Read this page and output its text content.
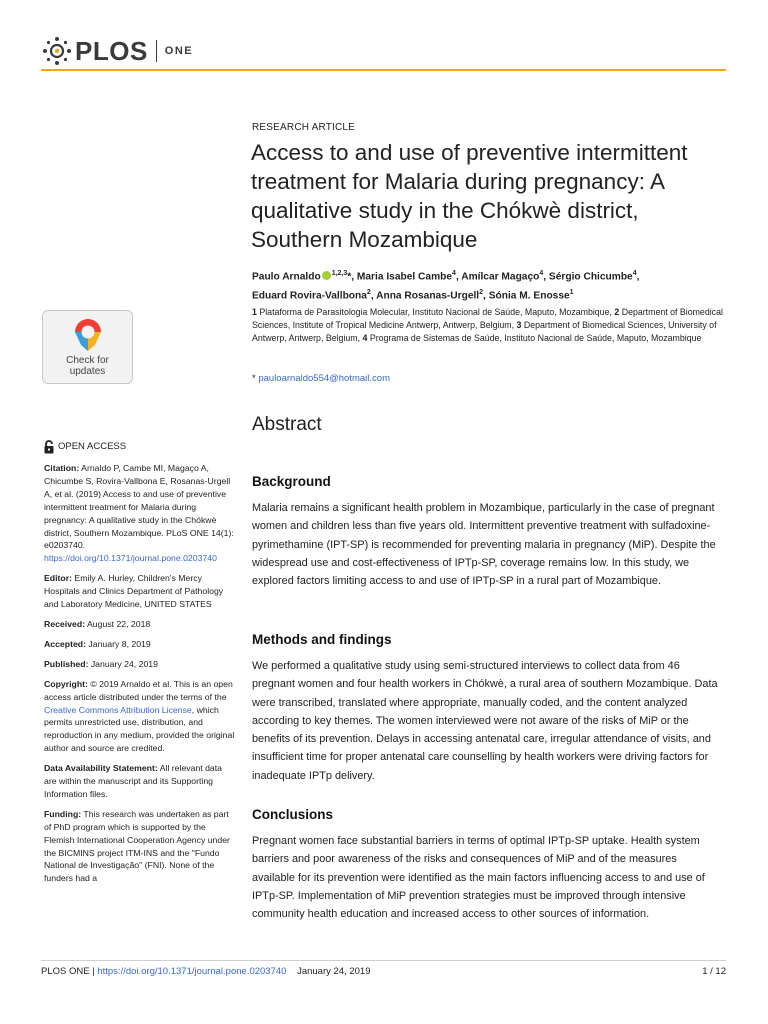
PLOS ONE
RESEARCH ARTICLE
Access to and use of preventive intermittent treatment for Malaria during pregnancy: A qualitative study in the Chókwè district, Southern Mozambique
Paulo Arnaldo $^{1,2,3}$*, Maria Isabel Cambe$^4$, Amílcar Magaço$^4$, Sérgio Chicumbe$^4$,
Eduard Rovira-Vallbona$^2$, Anna Rosanas-Urgell$^2$, Sónia M. Enosse$^1$
1 Plataforma de Parasitologia Molecular, Instituto Nacional de Saúde, Maputo, Mozambique, 2 Department of Biomedical Sciences, Institute of Tropical Medicine Antwerp, Antwerp, Belgium, 3 Department of Biomedical Sciences, University of Antwerp, Antwerp, Belgium, 4 Programa de Sistemas de Saúde, Instituto Nacional de Saúde, Maputo, Mozambique
* pauloarnaldo554@hotmail.com
Check for
updates
OPEN ACCESS
Citation: Arnaldo P, Cambe MI, Magaço A, Chicumbe S, Rovira-Vallbona E, Rosanas-Urgell A, et al. (2019) Access to and use of preventive intermittent treatment for Malaria during pregnancy: A qualitative study in the Chókwè district, Southern Mozambique. PLoS ONE 14(1): e0203740. https://doi.org/10.1371/journal.pone.0203740
Editor: Emily A. Hurley, Children's Mercy Hospitals and Clinics Department of Pathology and Laboratory Medicine, UNITED STATES
Received: August 22, 2018
Accepted: January 8, 2019
Published: January 24, 2019
Copyright: © 2019 Arnaldo et al. This is an open access article distributed under the terms of the Creative Commons Attribution License, which permits unrestricted use, distribution, and reproduction in any medium, provided the original author and source are credited.
Data Availability Statement: All relevant data are within the manuscript and its Supporting Information files.
Funding: This research was undertaken as part of PhD program which is supported by the Flemish International Cooperation Agency under the BICMINS project ITM-INS and the "Fundo National de Investigação" (FNI). None of the funders had a
Abstract
Background
Malaria remains a significant health problem in Mozambique, particularly in the case of pregnant women and children less than five years old. Intermittent preventive treatment with sulfadoxine-pyrimethamine (IPT-SP) is recommended for preventing malaria in pregnancy (MiP). Despite the widespread use and cost-effectiveness of IPTp-SP, coverage remains low. In this study, we explored factors limiting access to and use of IPTp-SP in a rural part of Mozambique.
Methods and findings
We performed a qualitative study using semi-structured interviews to collect data from 46 pregnant women and four health workers in Chókwè, a rural area of southern Mozambique. Data were transcribed, translated where appropriate, manually coded, and the content analyzed according to key themes. The women interviewed were not aware of the risks of MiP or the benefits of its prevention. Delays in accessing antenatal care, irregular attendance of visits, and insufficient time for proper antenatal care counselling by health workers were driving factors for inadequate IPTp delivery.
Conclusions
Pregnant women face substantial barriers in terms of optimal IPTp-SP uptake. Health system barriers and poor awareness of the risks and consequences of MiP and of the measures available for its prevention were identified as the main factors influencing access to and use of IPTp-SP. Implementation of MiP prevention strategies must be improved through intensive community health education and increased access to other sources of information.
PLOS ONE | https://doi.org/10.1371/journal.pone.0203740 January 24, 2019	1 / 12
